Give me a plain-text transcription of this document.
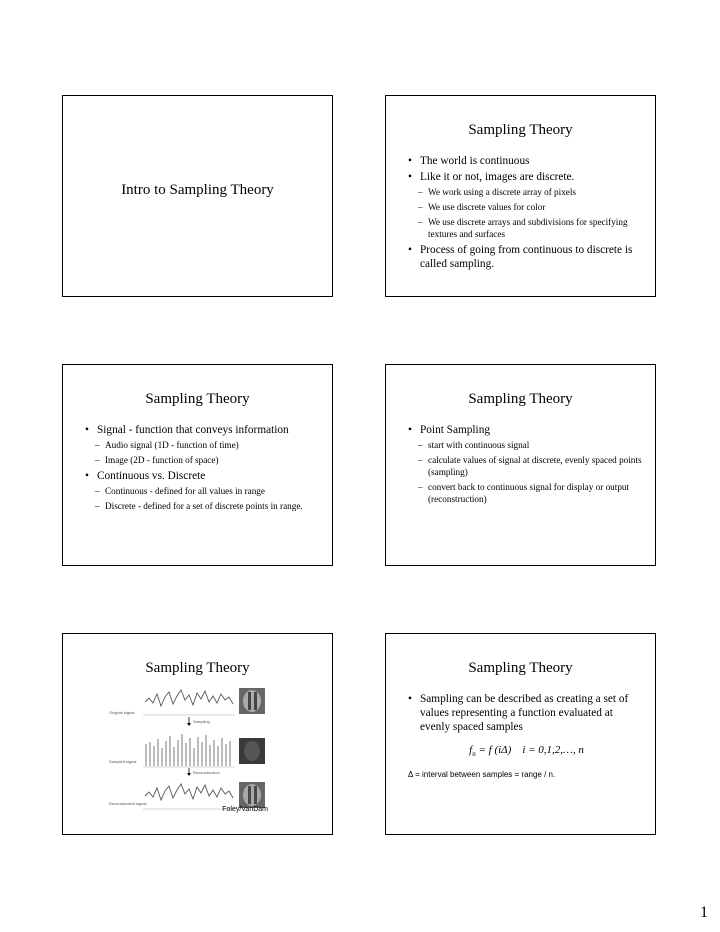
Intro to Sampling Theory
Sampling Theory
• The world is continuous
• Like it or not, images are discrete.
– We work using a discrete array of pixels
– We use discrete values for color
– We use discrete arrays and subdivisions for specifying textures and surfaces
• Process of going from continuous to discrete is called sampling.
Sampling Theory
• Signal - function that conveys information
– Audio signal (1D - function of time)
– Image (2D - function of space)
• Continuous vs. Discrete
– Continuous - defined for all values in range
– Discrete - defined for a set of discrete points in range.
Sampling Theory
• Point Sampling
– start with continuous signal
– calculate values of signal at discrete, evenly spaced points (sampling)
– convert back to continuous signal for display or output (reconstruction)
Sampling Theory
Original signal
Sampling
Sampled signal
Reconstruction
Reconstructed signal
Foley/VanDam
Sampling Theory
• Sampling can be described as creating a set of values representing a function evaluated at evenly spaced samples
$f_n = f$ (iΔ) i = 0,1,2,…, n
Δ = interval between samples = range / n.
1
